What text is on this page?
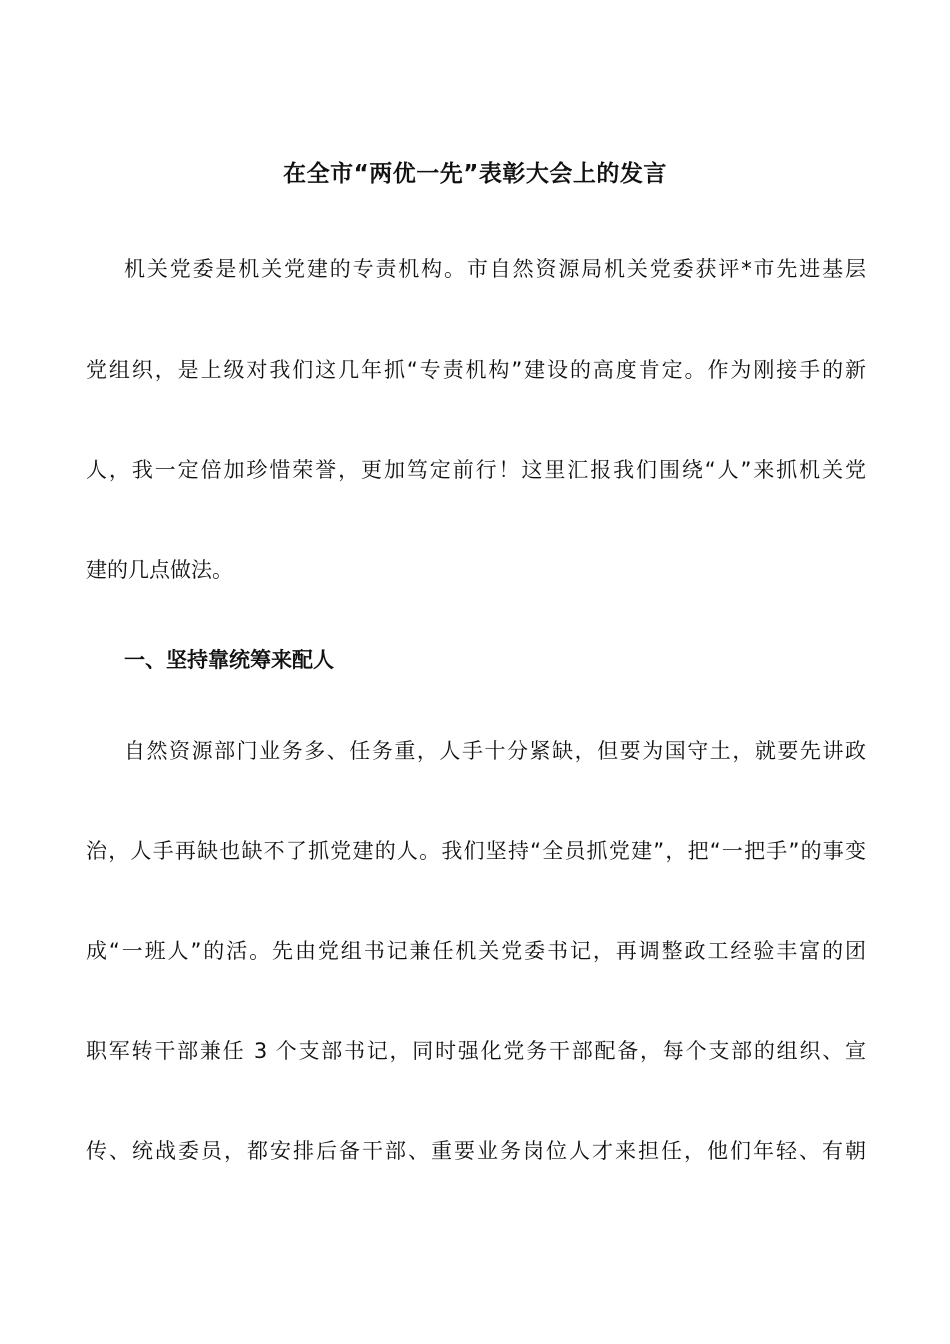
在全市“两优一先”表彰大会上的发言
机关党委是机关党建的专责机构。市自然资源局机关党委获评*市先进基层
党组织，是上级对我们这几年抓“专责机构”建设的高度肯定。作为刚接手的新
人，我一定倍加珍惜荣誉，更加笃定前行！这里汇报我们围绕“人”来抓机关党
建的几点做法。
一、坚持靠统筹来配人
自然资源部门业务多、任务重，人手十分紧缺，但要为国守土，就要先讲政
治，人手再缺也缺不了抓党建的人。我们坚持“全员抓党建”，把“一把手”的事变
成“一班人”的活。先由党组书记兼任机关党委书记，再调整政工经验丰富的团
职军转干部兼任 3 个支部书记，同时强化党务干部配备，每个支部的组织、宣
传、统战委员，都安排后备干部、重要业务岗位人才来担任，他们年轻、有朝
